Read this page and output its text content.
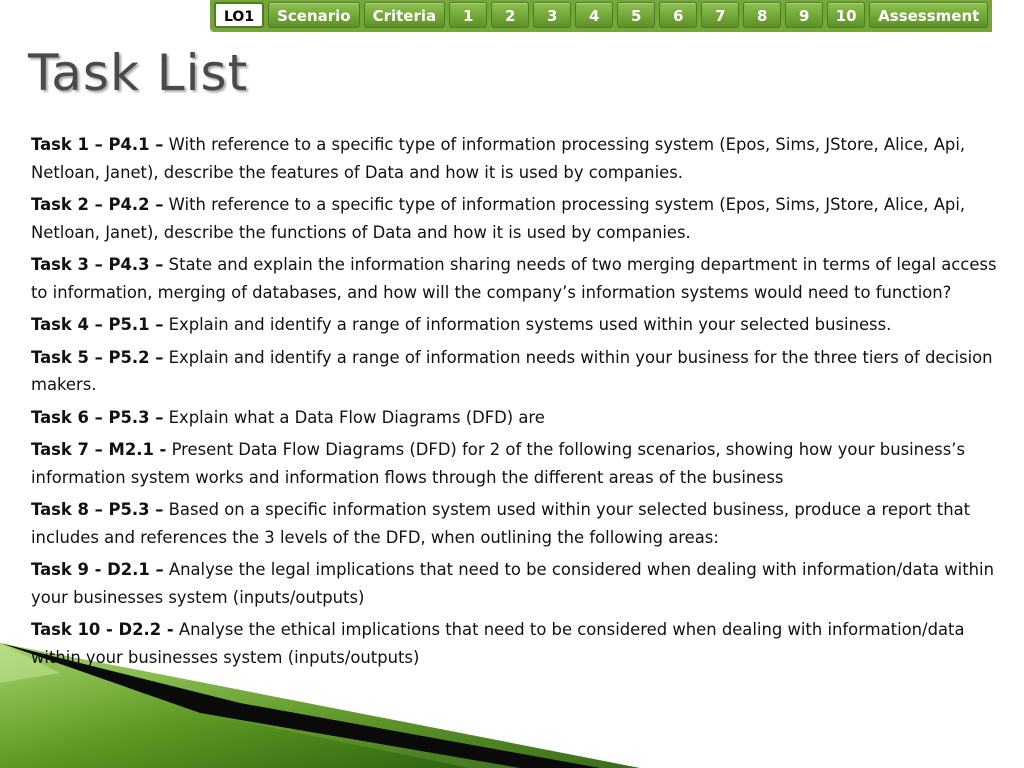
LO1	Scenario	Criteria	1	2	3	4	5	6	7	8	9	10	Assessment
Task List

Task 1 – P4.1 – With reference to a specific type of information processing system (Epos, Sims, JStore, Alice, Api, Netloan, Janet), describe the features of Data and how it is used by companies.

Task 2 – P4.2 – With reference to a specific type of information processing system (Epos, Sims, JStore, Alice, Api, Netloan, Janet), describe the functions of Data and how it is used by companies.

Task 3 – P4.3 – State and explain the information sharing needs of two merging department in terms of legal access to information, merging of databases, and how will the company’s information systems would need to function?

Task 4 – P5.1 – Explain and identify a range of information systems used within your selected business.

Task 5 – P5.2 – Explain and identify a range of information needs within your business for the three tiers of decision makers.

Task 6 – P5.3 – Explain what a Data Flow Diagrams (DFD) are

Task 7 – M2.1 - Present Data Flow Diagrams (DFD) for 2 of the following scenarios, showing how your business’s information system works and information flows through the different areas of the business

Task 8 – P5.3 – Based on a specific information system used within your selected business, produce a report that includes and references the 3 levels of the DFD, when outlining the following areas:

Task 9 - D2.1 – Analyse the legal implications that need to be considered when dealing with information/data within your businesses system (inputs/outputs)

Task 10 - D2.2 - Analyse the ethical implications that need to be considered when dealing with information/data within your businesses system (inputs/outputs)
